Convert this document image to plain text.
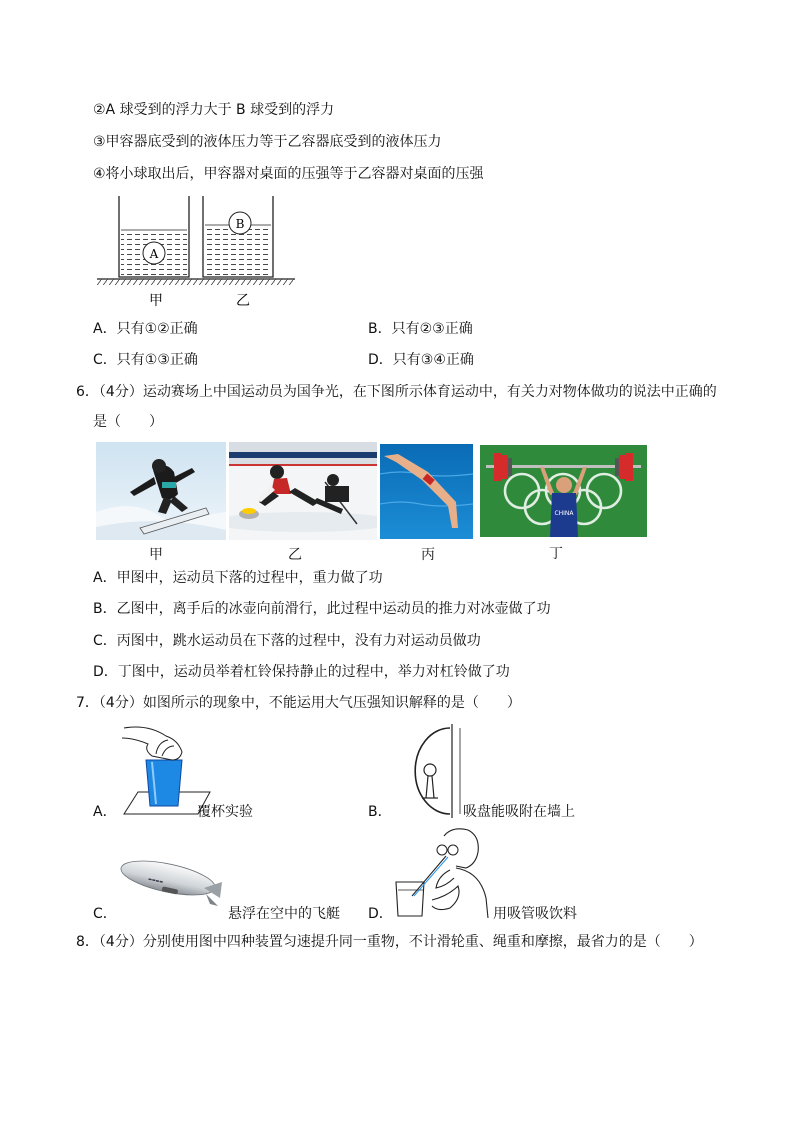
②A 球受到的浮力大于 B 球受到的浮力
③甲容器底受到的液体压力等于乙容器底受到的液体压力
④将小球取出后，甲容器对桌面的压强等于乙容器对桌面的压强
A
B
甲	乙
A．只有①②正确	B．只有②③正确
C．只有①③正确	D．只有③④正确
6．（4分）运动赛场上中国运动员为国争光，在下图所示体育运动中，有关力对物体做功的说法中正确的
是（　　）
CHINA
甲	乙	丙	丁
A．甲图中，运动员下落的过程中，重力做了功
B．乙图中，离手后的冰壶向前滑行，此过程中运动员的推力对冰壶做了功
C．丙图中，跳水运动员在下落的过程中，没有力对运动员做功
D．丁图中，运动员举着杠铃保持静止的过程中，举力对杠铃做了功
7．（4分）如图所示的现象中，不能运用大气压强知识解释的是（　　）
A．	覆杯实验	B．	吸盘能吸附在墙上
▬▬▬▬
C．	悬浮在空中的飞艇 D．	用吸管吸饮料
8．（4分）分别使用图中四种装置匀速提升同一重物，不计滑轮重、绳重和摩擦，最省力的是（　　）
